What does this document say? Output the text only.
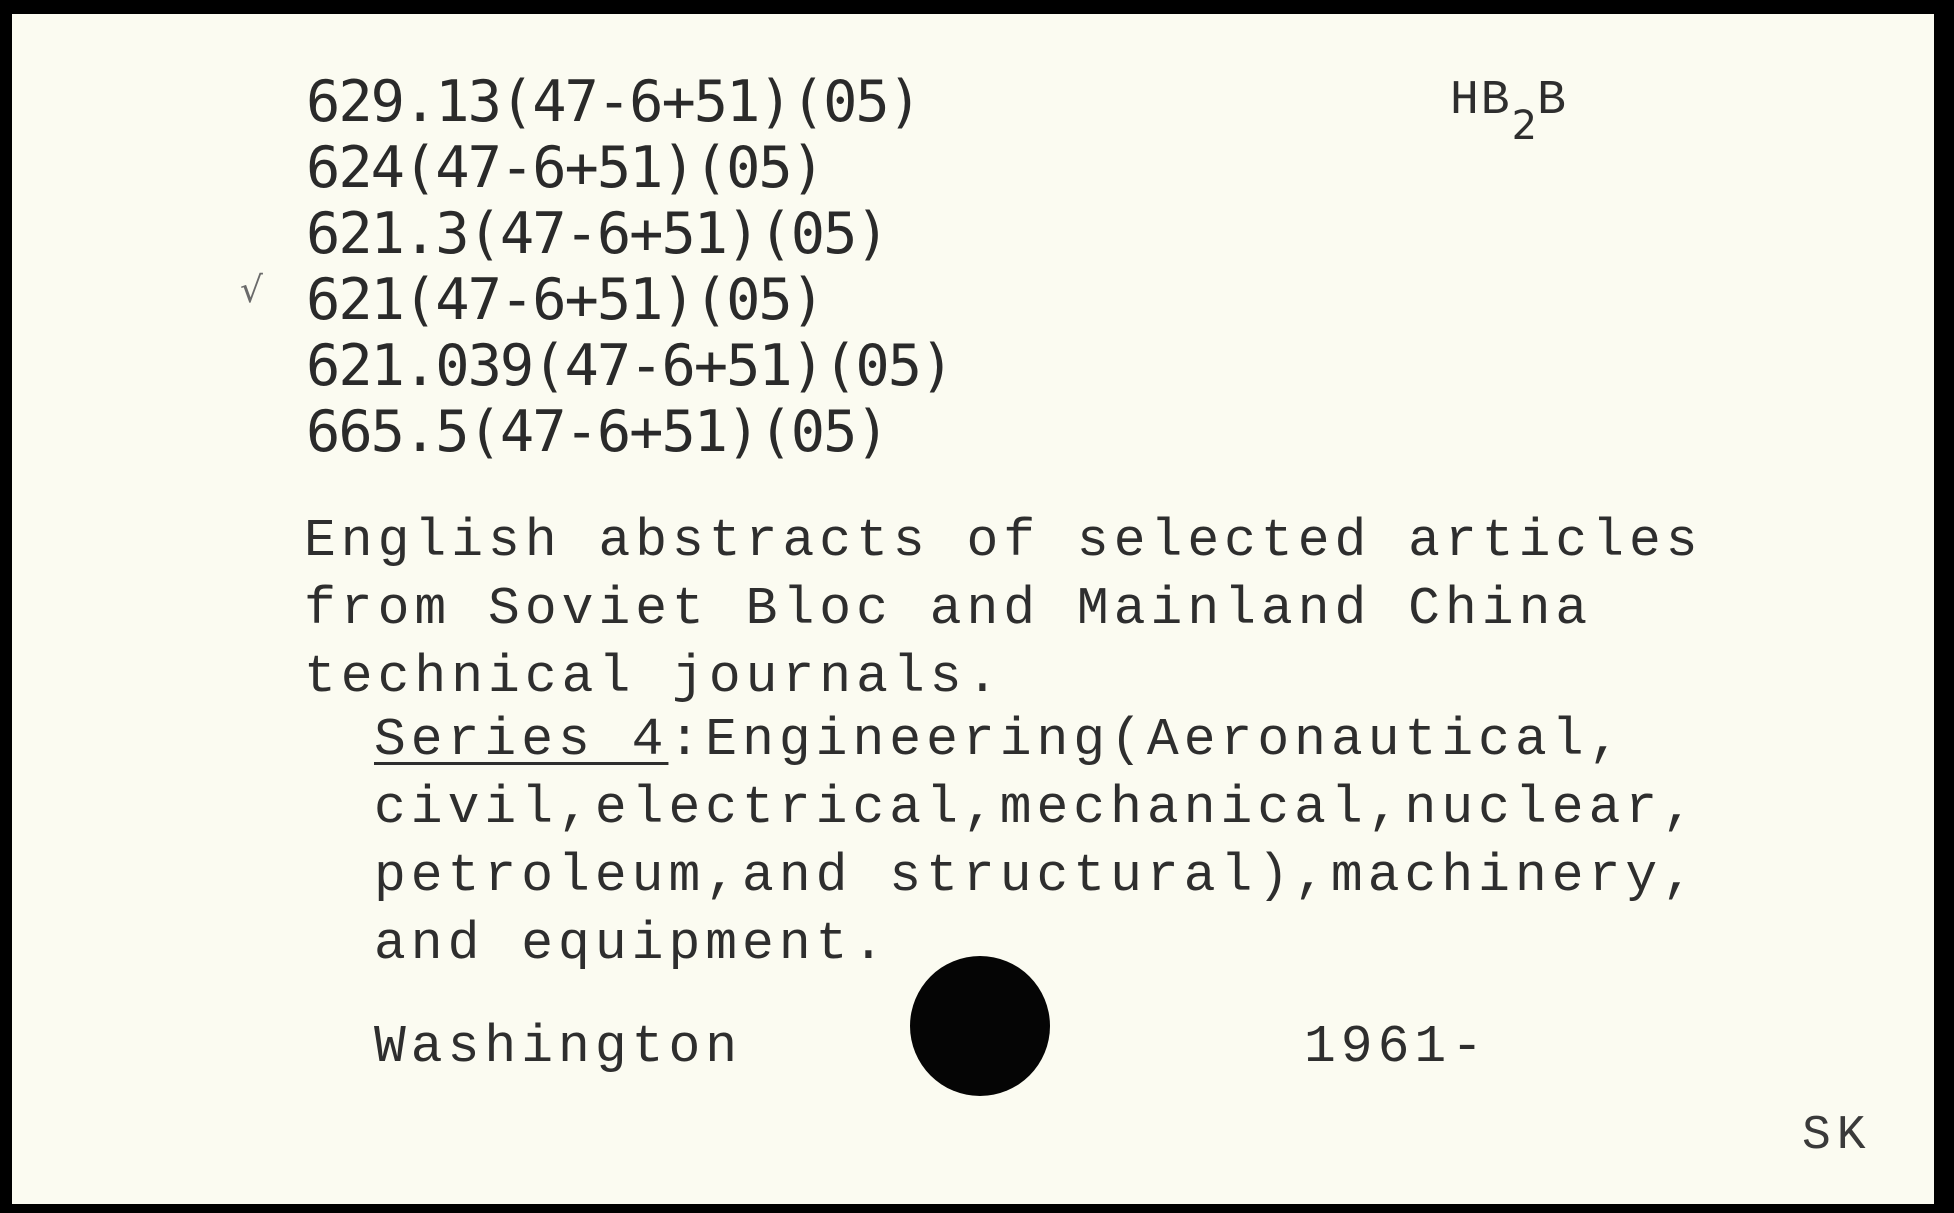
629.13(47-6+51)(05)
624(47-6+51)(05)
621.3(47-6+51)(05)
√ 621(47-6+51)(05)
621.039(47-6+51)(05)
665.5(47-6+51)(05)
$HB_2B$
English abstracts of selected articles
from Soviet Bloc and Mainland China
technical journals.
Series 4:Engineering(Aeronautical,
civil,electrical,mechanical,nuclear,
petroleum,and structural),machinery,
and equipment.
Washington	1961-
SK
